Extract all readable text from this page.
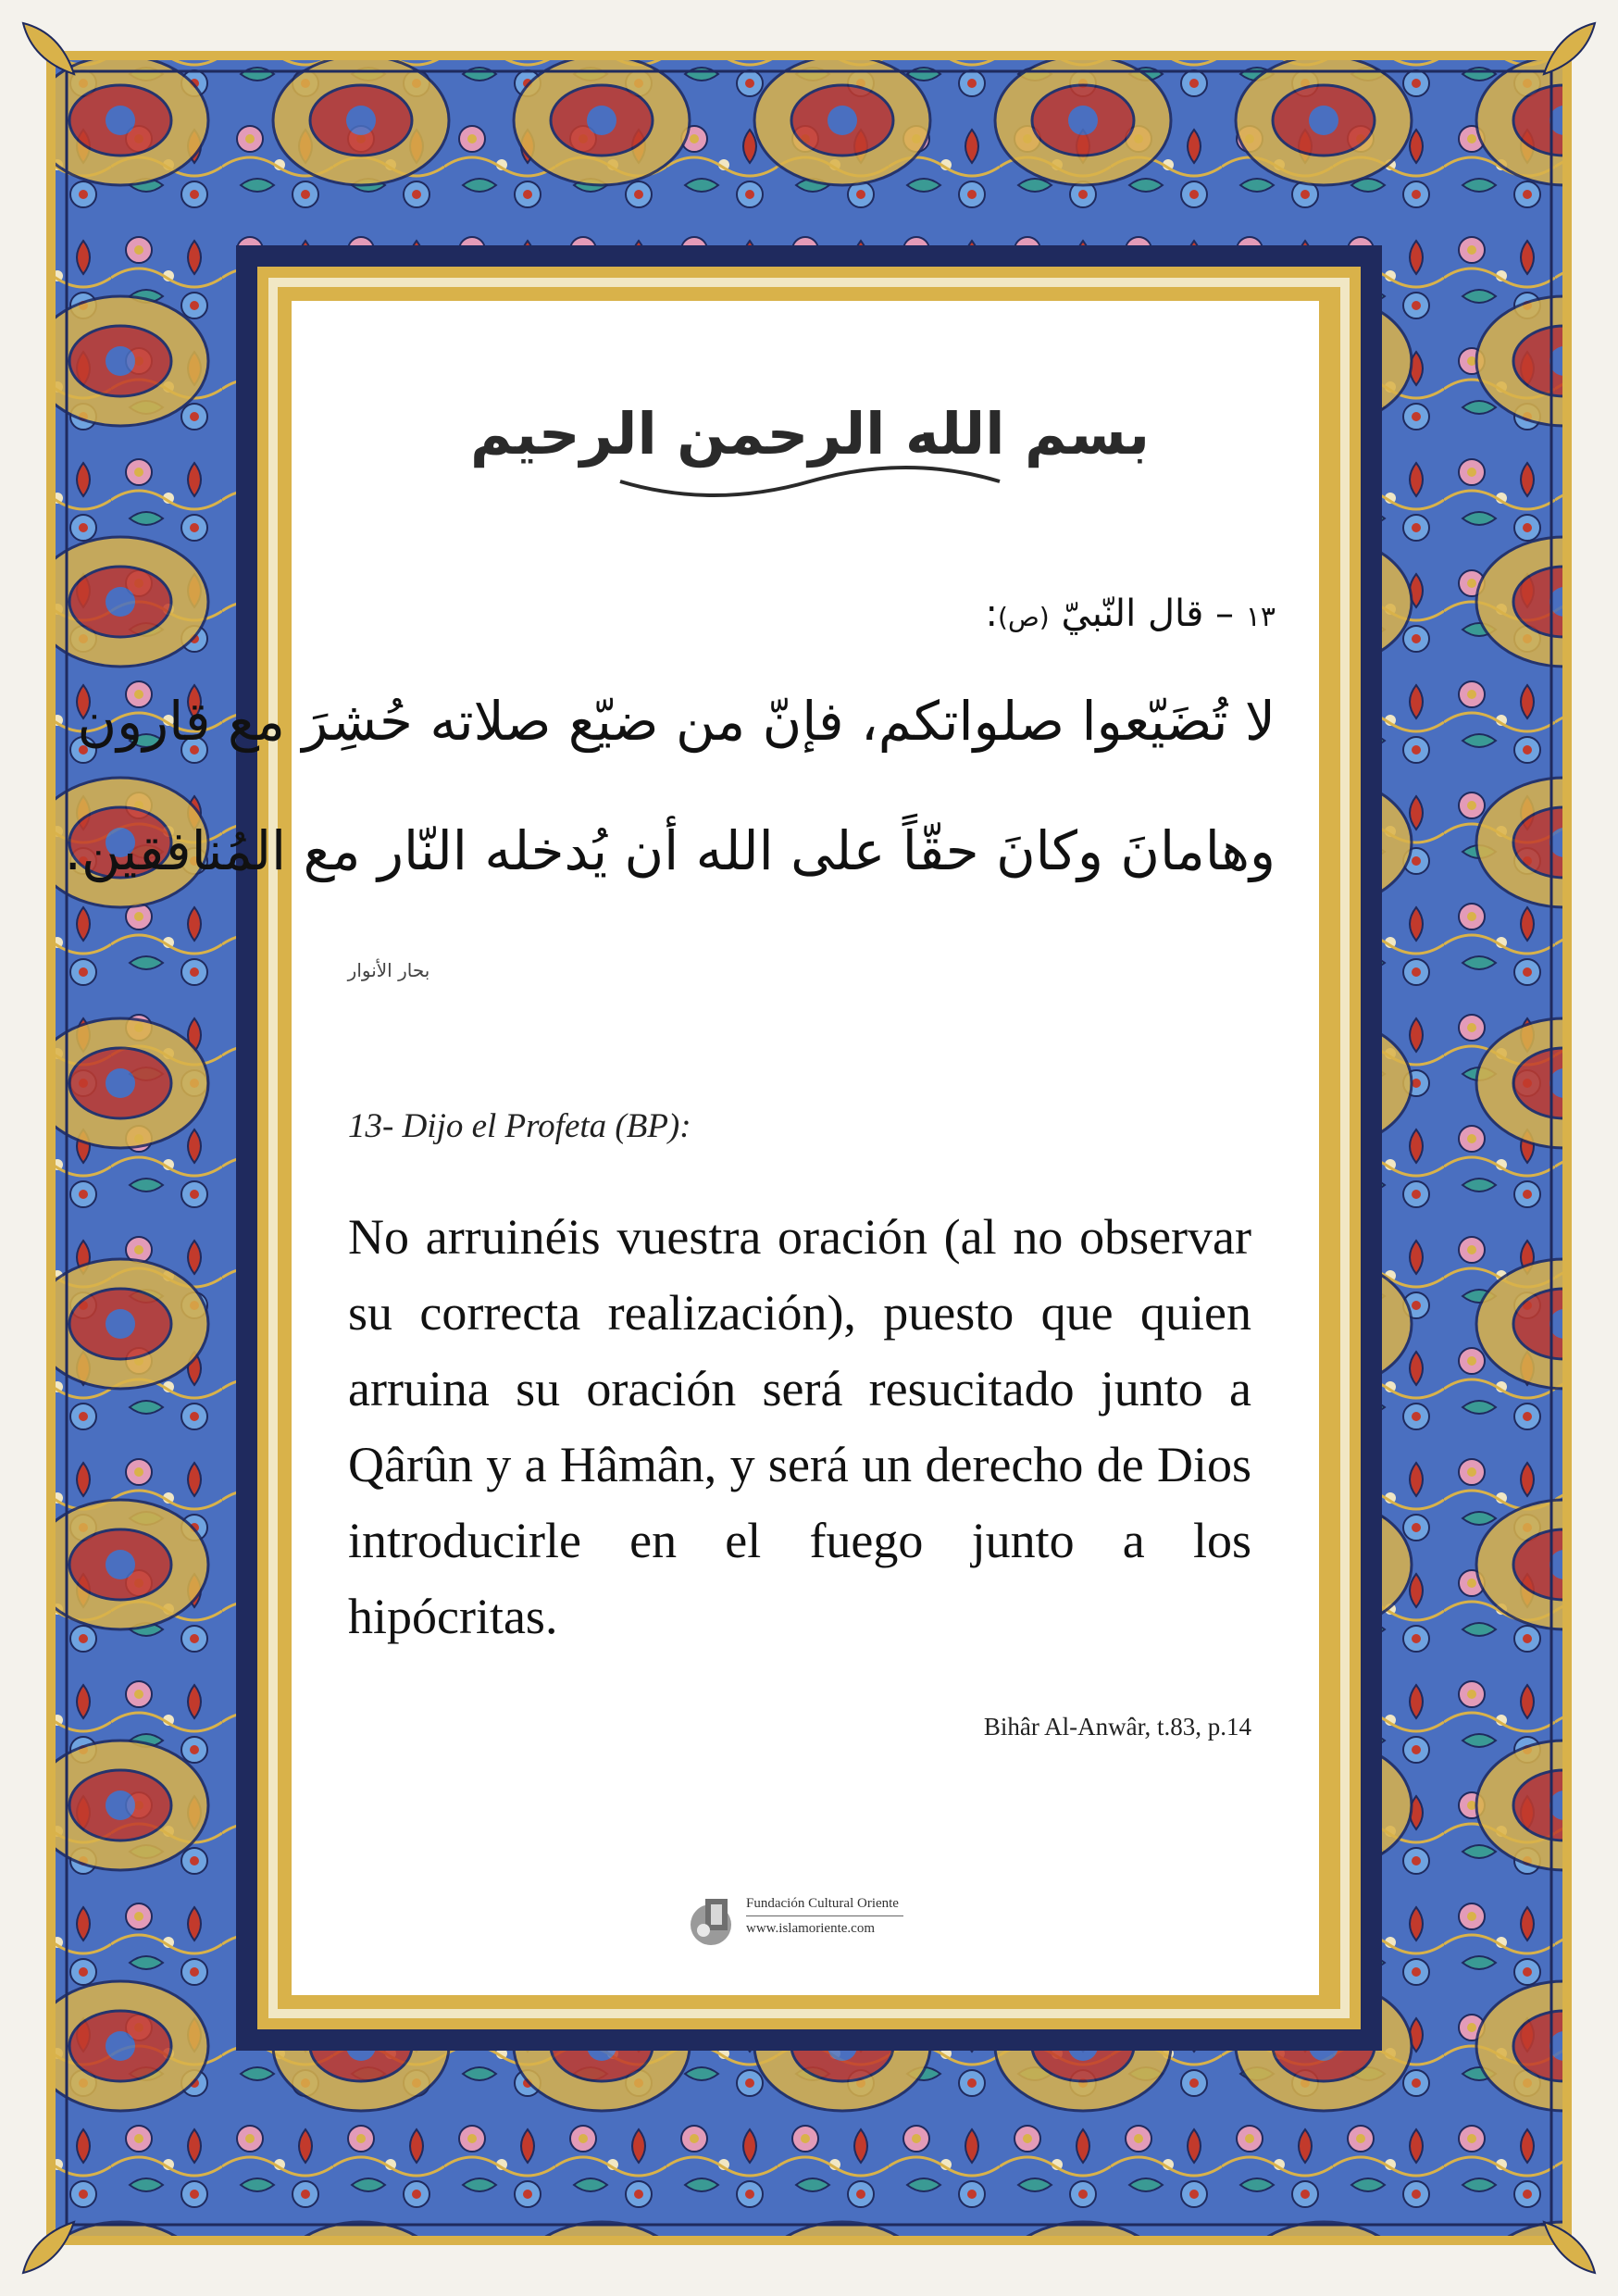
بسم الله الرحمن الرحيم
١٣ – قال النّبيّ (ص):
لا تُضَيّعوا صلواتكم، فإنّ من ضيّع صلاته حُشِرَ مع قارون
وهامانَ وكانَ حقّاً على الله أن يُدخله النّار مع المُنافقين.
بحار الأنوار
13- Dijo el Profeta (BP):
No arruinéis vuestra oración (al no observar su correcta realización), puesto que quien arruina su oración será resucitado junto a Qârûn y a Hâmân, y será un derecho de Dios introducirle en el fuego junto a los hipócritas.
Bihâr Al-Anwâr, t.83, p.14
Fundación Cultural Oriente
www.islamoriente.com
